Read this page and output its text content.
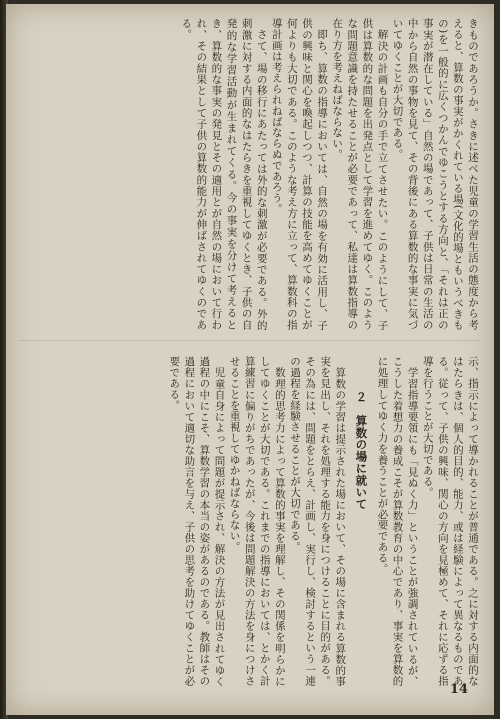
きものであろうか。さきに述べた児童の学習生活の態度から考えると、算数の事実がかくれている場(文化的場ともいうべきもの)を一般的に広くつかんでゆこうとする方向と、「それは正の事実が潜在している」自然の場であって、子供は日常の生活の中から自然の事物を見て、その背後にある算数的な事実に気づいてゆくことが大切である。

解決の計画も自分の手で立てさせたい。このようにして、子供は算数的な問題を出発点として学習を進めてゆく。このような問題意識を持たせることが必要であって、私達は算数指導の在り方を考えねばならない。

即ち、算数の指導においては、自然の場を有効に活用し、子供の興味と関心を喚起しつつ、計算の技能を高めてゆくことが何よりも大切である。このような考え方に立って、算数科の指導計画は考えられねばならぬであろう。

さて、場の移行にあたっては外的な刺激が必要である。外的刺激に対する内面的なはたらきを重視してゆくとき、子供の自発的な学習活動が生まれてくる。今の事実を分けて考えるとき、算数的な事実の発見とその適用とが自然の場において行われ、その結果として子供の算数的能力が伸ばされてゆくのである。

示、指示によって導かれることが普通である。之に対する内面的なはたらきは、個人的目的、能力、或は経験によって異なるものである。従って、子供の興味、関心の方向を見極めて、それに応ずる指導を行うことが大切である。

学習指導要領にも「見ぬく力」ということが強調されているが、こうした着想力の養成こそが算数教育の中心であり、事実を算数的に処理してゆく力を養うことが必要である。

２　算数の場に就いて

算数の学習は提示された場において、その場に含まれる算数的事実を見出し、それを処理する能力を身につけることに目的がある。その為には、問題をとらえ、計画し、実行し、検討するという一連の過程を経験させることが大切である。

数理的思考力によって算数的事実を理解し、その関係を明らかにしてゆくことが大切である。これまでの指導においては、とかく計算練習に偏りがちであったが、今後は問題解決の方法を身につけさせることを重視してゆかねばならない。

児童自身によって問題が提示され、解決の方法が見出されてゆく過程の中にこそ、算数学習の本当の姿があるのである。教師はその過程において適切な助言を与え、子供の思考を助けてゆくことが必要である。

14
